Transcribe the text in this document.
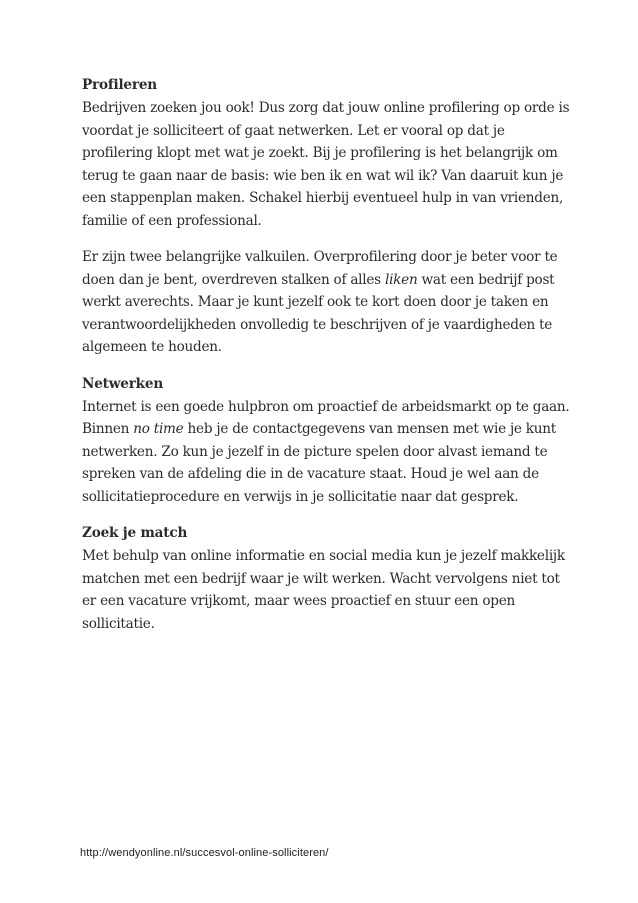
Profileren

Bedrijven zoeken jou ook! Dus zorg dat jouw online profilering op orde is voordat je solliciteert of gaat netwerken. Let er vooral op dat je profilering klopt met wat je zoekt. Bij je profilering is het belangrijk om terug te gaan naar de basis: wie ben ik en wat wil ik? Van daaruit kun je een stappenplan maken. Schakel hierbij eventueel hulp in van vrienden, familie of een professional.

Er zijn twee belangrijke valkuilen. Overprofilering door je beter voor te doen dan je bent, overdreven stalken of alles liken wat een bedrijf post werkt averechts. Maar je kunt jezelf ook te kort doen door je taken en verantwoordelijkheden onvolledig te beschrijven of je vaardigheden te algemeen te houden.

Netwerken

Internet is een goede hulpbron om proactief de arbeidsmarkt op te gaan. Binnen no time heb je de contactgegevens van mensen met wie je kunt netwerken. Zo kun je jezelf in de picture spelen door alvast iemand te spreken van de afdeling die in de vacature staat. Houd je wel aan de sollicitatieprocedure en verwijs in je sollicitatie naar dat gesprek.

Zoek je match

Met behulp van online informatie en social media kun je jezelf makkelijk matchen met een bedrijf waar je wilt werken. Wacht vervolgens niet tot er een vacature vrijkomt, maar wees proactief en stuur een open sollicitatie.

http://wendyonline.nl/succesvol-online-solliciteren/
